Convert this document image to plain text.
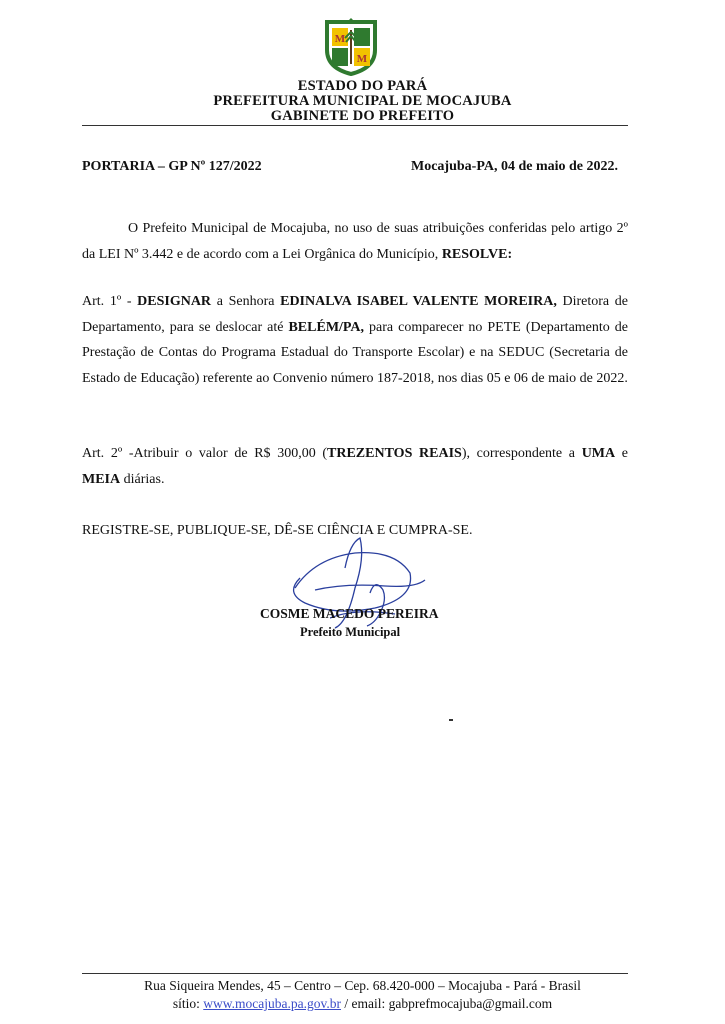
M
M
ESTADO DO PARÁ
PREFEITURA MUNICIPAL DE MOCAJUBA
GABINETE DO PREFEITO
PORTARIA – GP Nº 127/2022	Mocajuba-PA, 04 de maio de 2022.
O Prefeito Municipal de Mocajuba, no uso de suas atribuições conferidas pelo artigo 2º da LEI Nº 3.442 e de acordo com a Lei Orgânica do Município, RESOLVE:
Art. 1º - DESIGNAR a Senhora EDINALVA ISABEL VALENTE MOREIRA, Diretora de Departamento, para se deslocar até BELÉM/PA, para comparecer no PETE (Departamento de Prestação de Contas do Programa Estadual do Transporte Escolar) e na SEDUC (Secretaria de Estado de Educação) referente ao Convenio número 187-2018, nos dias 05 e 06 de maio de 2022.
Art. 2º -Atribuir o valor de R$ 300,00 (TREZENTOS REAIS), correspondente a UMA e MEIA diárias.
REGISTRE-SE, PUBLIQUE-SE, DÊ-SE CIÊNCIA E CUMPRA-SE.
COSME MACEDO PEREIRA
Prefeito Municipal
Rua Siqueira Mendes, 45 – Centro – Cep. 68.420-000 – Mocajuba - Pará - Brasil
sítio: www.mocajuba.pa.gov.br / email: gabprefmocajuba@gmail.com
